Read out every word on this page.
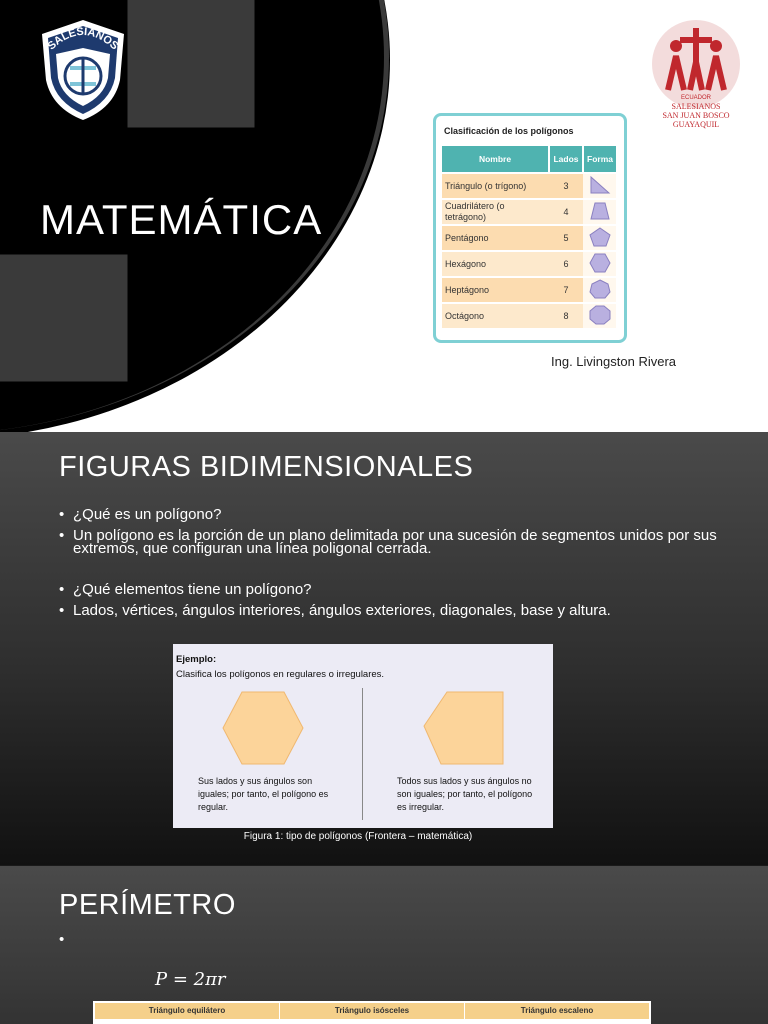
SALESIANOS
MATEMÁTICA
ECUADOR
SALESIANOS
SAN JUAN BOSCO
GUAYAQUIL
Clasificación de los polígonos
Nombre	Lados	Forma
Triángulo (o trígono)	3	
Cuadrilátero (o tetrágono)	4	
Pentágono	5	
Hexágono	6	
Heptágono	7	
Octágono	8	
Ing. Livingston Rivera
FIGURAS BIDIMENSIONALES
• ¿Qué es un polígono?
• Un polígono es la porción de un plano delimitada por una sucesión de segmentos unidos por sus extremos, que configuran una línea poligonal cerrada.
• ¿Qué elementos tiene un polígono?
• Lados, vértices, ángulos interiores, ángulos exteriores, diagonales, base y altura.
Ejemplo:
Clasifica los polígonos en regulares o irregulares.
Sus lados y sus ángulos son iguales; por tanto, el polígono es regular.
Todos sus lados y sus ángulos no son iguales; por tanto, el polígono es irregular.
Figura 1: tipo de polígonos (Frontera – matemática)
PERÍMETRO
•
P = 2πr
Triángulo equilátero	Triángulo isósceles	Triángulo escaleno
